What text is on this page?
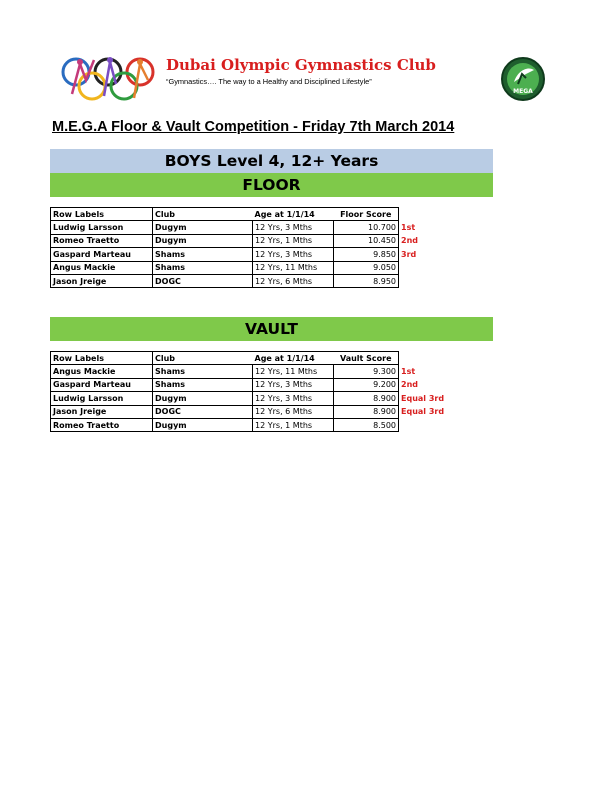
Dubai Olympic Gymnastics Club
“Gymnastics…. The way to a Healthy and Disciplined Lifestyle”
MEGA
M.E.G.A Floor & Vault Competition - Friday 7th March 2014
BOYS Level 4, 12+ Years
FLOOR
Row Labels	Club	Age at 1/1/14	Floor Score	
Ludwig Larsson	Dugym	12 Yrs, 3 Mths	10.700	1st
Romeo Traetto	Dugym	12 Yrs, 1 Mths	10.450	2nd
Gaspard Marteau	Shams	12 Yrs, 3 Mths	9.850	3rd
Angus Mackie	Shams	12 Yrs, 11 Mths	9.050	
Jason Jreige	DOGC	12 Yrs, 6 Mths	8.950	
VAULT
Row Labels	Club	Age at 1/1/14	Vault Score	
Angus Mackie	Shams	12 Yrs, 11 Mths	9.300	1st
Gaspard Marteau	Shams	12 Yrs, 3 Mths	9.200	2nd
Ludwig Larsson	Dugym	12 Yrs, 3 Mths	8.900	Equal 3rd
Jason Jreige	DOGC	12 Yrs, 6 Mths	8.900	Equal 3rd
Romeo Traetto	Dugym	12 Yrs, 1 Mths	8.500	
